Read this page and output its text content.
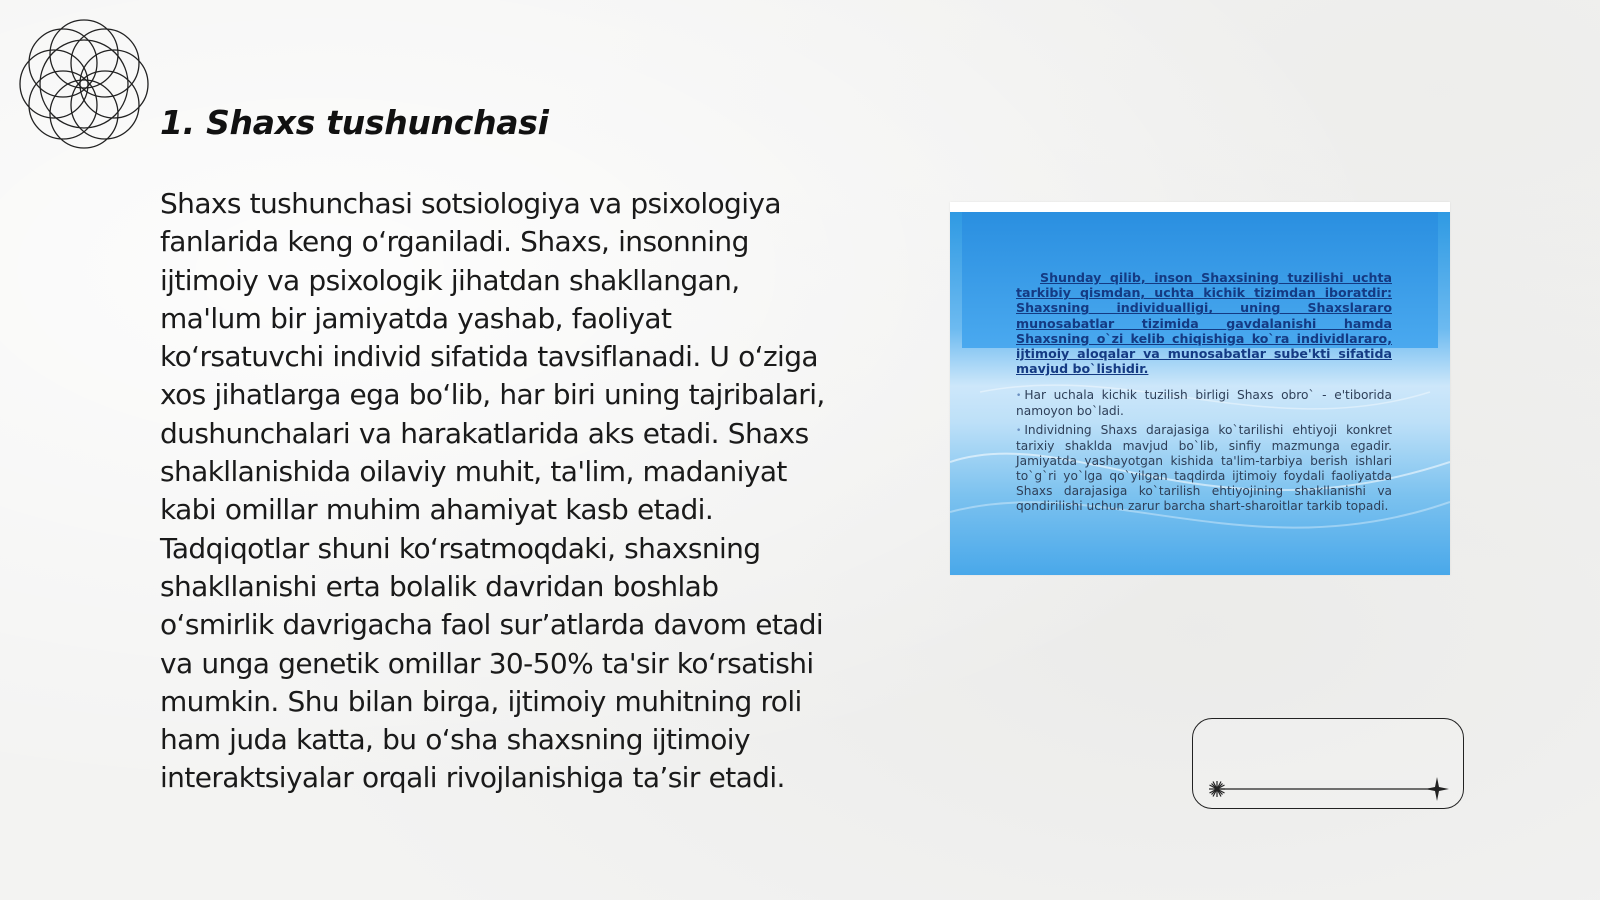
1. Shaxs tushunchasi

Shaxs tushunchasi sotsiologiya va psixologiya fanlarida keng o‘rganiladi. Shaxs, insonning ijtimoiy va psixologik jihatdan shakllangan, ma'lum bir jamiyatda yashab, faoliyat ko‘rsatuvchi individ sifatida tavsiflanadi. U o‘ziga xos jihatlarga ega bo‘lib, har biri uning tajribalari, dushunchalari va harakatlarida aks etadi. Shaxs shakllanishida oilaviy muhit, ta'lim, madaniyat kabi omillar muhim ahamiyat kasb etadi. Tadqiqotlar shuni ko‘rsatmoqdaki, shaxsning shakllanishi erta bolalik davridan boshlab o‘smirlik davrigacha faol sur’atlarda davom etadi va unga genetik omillar 30-50% ta'sir ko‘rsatishi mumkin. Shu bilan birga, ijtimoiy muhitning roli ham juda katta, bu o‘sha shaxsning ijtimoiy interaktsiyalar orqali rivojlanishiga ta’sir etadi.

Shunday qilib, inson Shaxsining tuzilishi uchta tarkibiy qismdan, uchta kichik tizimdan iboratdir: Shaxsning individualligi, uning Shaxslararo munosabatlar tizimida gavdalanishi hamda Shaxsning o`zi kelib chiqishiga ko`ra individlararo, ijtimoiy aloqalar va munosabatlar sube'kti sifatida mavjud bo`lishidir.

• Har uchala kichik tuzilish birligi Shaxs obro` - e'tiborida namoyon bo`ladi.

• Individning Shaxs darajasiga ko`tarilishi ehtiyoji konkret tarixiy shaklda mavjud bo`lib, sinfiy mazmunga egadir. Jamiyatda yashayotgan kishida ta'lim-tarbiya berish ishlari to`g`ri yo`lga qo`yilgan taqdirda ijtimoiy foydali faoliyatda Shaxs darajasiga ko`tarilish ehtiyojining shakllanishi va qondirilishi uchun zarur barcha shart-sharoitlar tarkib topadi.
